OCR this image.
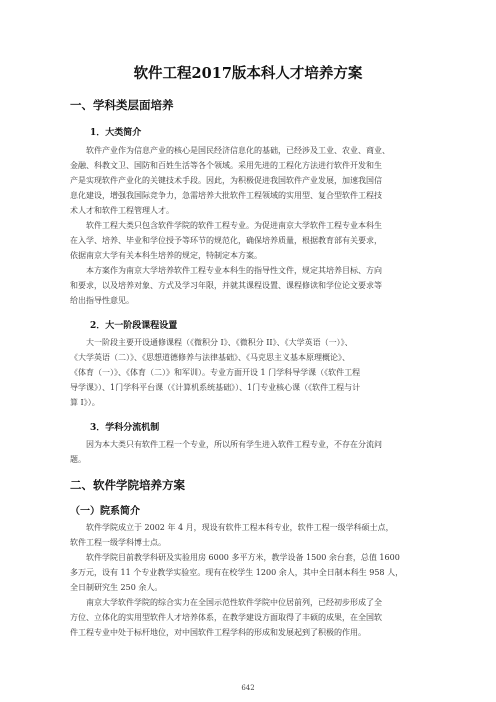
软件工程2017版本科人才培养方案
一、学科类层面培养
1．大类简介
软件产业作为信息产业的核心是国民经济信息化的基础，已经涉及工业、农业、商业、
金融、科教文卫、国防和百姓生活等各个领域。采用先进的工程化方法进行软件开发和生
产是实现软件产业化的关键技术手段。因此，为积极促进我国软件产业发展，加速我国信
息化建设，增强我国际竞争力，急需培养大批软件工程领域的实用型、复合型软件工程技
术人才和软件工程管理人才。
软件工程大类只包含软件学院的软件工程专业。为促进南京大学软件工程专业本科生
在入学、培养、毕业和学位授予等环节的规范化，确保培养质量，根据教育部有关要求，
依据南京大学有关本科生培养的规定，特制定本方案。
本方案作为南京大学培养软件工程专业本科生的指导性文件，规定其培养目标、方向
和要求，以及培养对象、方式及学习年限，并就其课程设置、课程修读和学位论文要求等
给出指导性意见。
2．大一阶段课程设置
大一阶段主要开设通修课程（《微积分 I》、《微积分 II》、《大学英语（一）》、
《大学英语（二）》、《思想道德修养与法律基础》、《马克思主义基本原理概论》、
《体育（一）》、《体育（二）》和军训）。专业方面开设 1 门学科导学课（《软件工程
导学课》）、1门学科平台课（《计算机系统基础》）、1门专业核心课（《软件工程与计
算 I》）。
3．学科分流机制
因为本大类只有软件工程一个专业，所以所有学生进入软件工程专业，不存在分流问
题。
二、软件学院培养方案
（一）院系简介
软件学院成立于 2002 年 4 月，现设有软件工程本科专业，软件工程一级学科硕士点，
软件工程一级学科博士点。
软件学院目前教学科研及实验用房 6000 多平方米，教学设备 1500 余台套，总值 1600
多万元，设有 11 个专业教学实验室。现有在校学生 1200 余人，其中全日制本科生 958 人，
全日制研究生 250 余人。
南京大学软件学院的综合实力在全国示范性软件学院中位居前列，已经初步形成了全
方位、立体化的实用型软件人才培养体系，在教学建设方面取得了丰硕的成果，在全国软
件工程专业中处于标杆地位，对中国软件工程学科的形成和发展起到了积极的作用。
642
